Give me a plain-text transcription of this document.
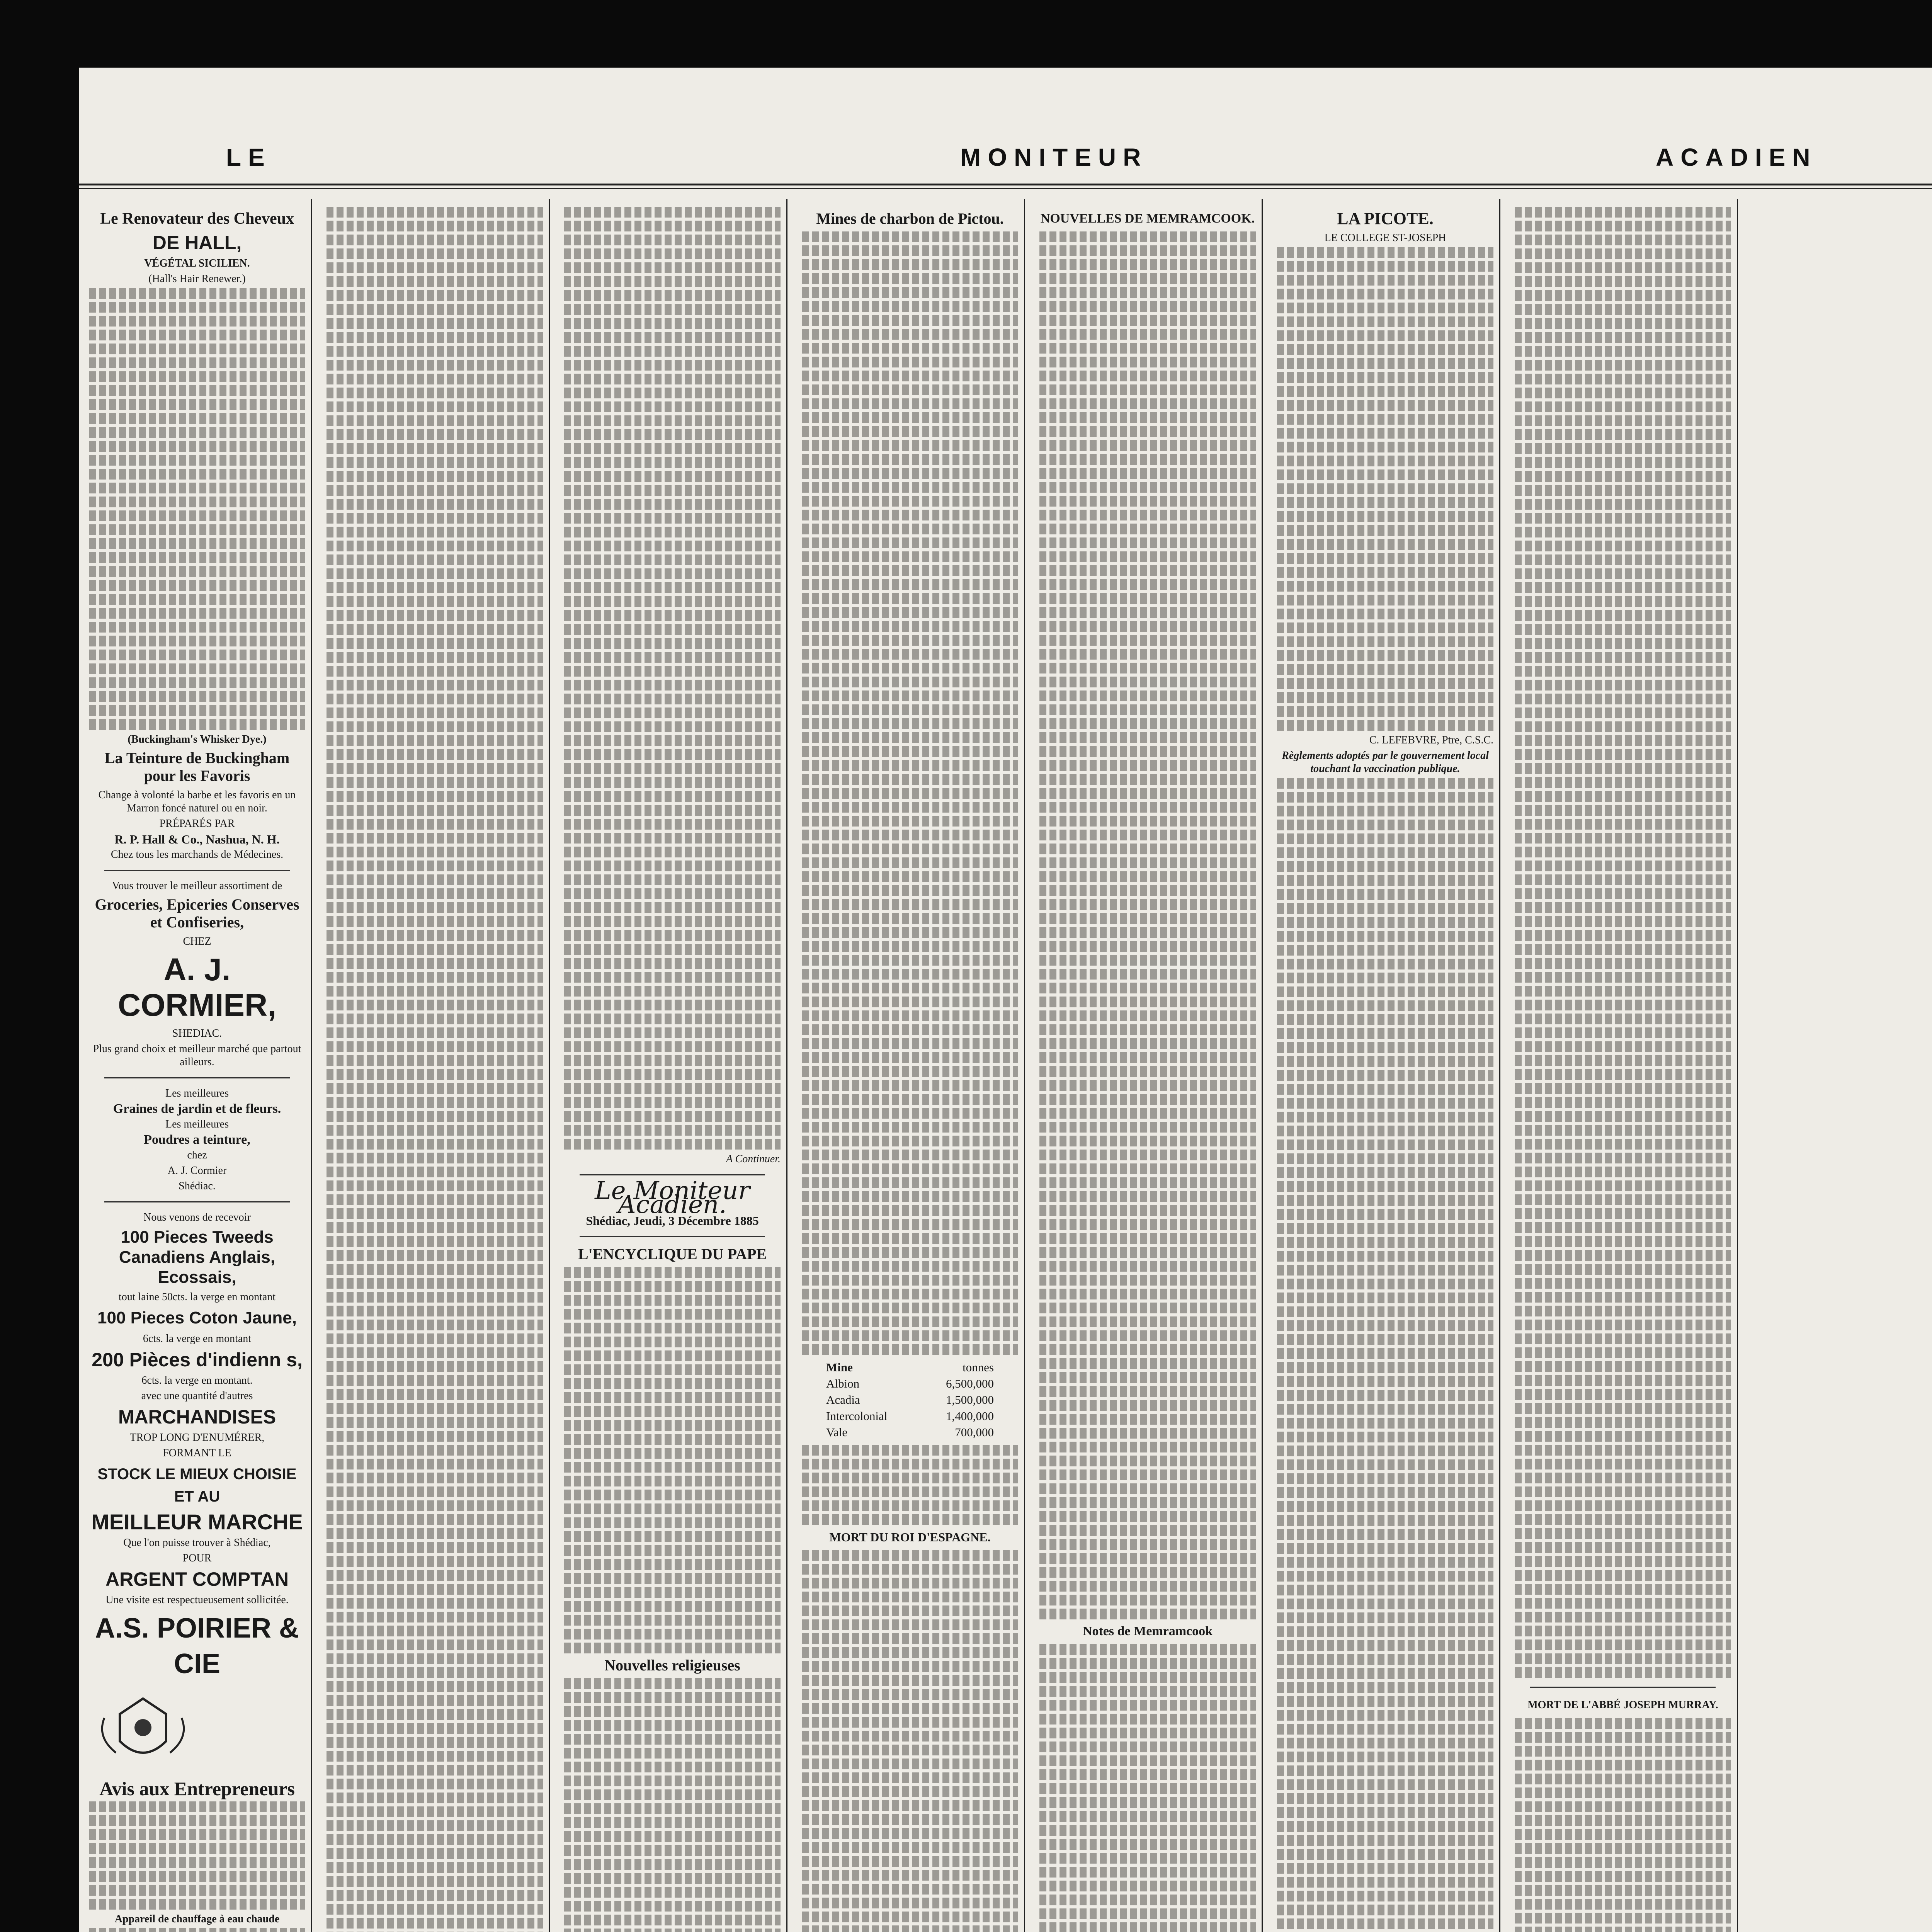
LE	MONITEUR	ACADIEN
Le Renovateur des Cheveux
DE HALL,
VÉGÉTAL SICILIEN.
(Hall's Hair Renewer.)
(Buckingham's Whisker Dye.)
La Teinture de Buckingham pour les Favoris
Change à volonté la barbe et les favoris en un Marron foncé naturel ou en noir.
PRÉPARÉS PAR
R. P. Hall & Co., Nashua, N. H.
Chez tous les marchands de Médecines.
Vous trouver le meilleur assortiment de
Groceries, Epiceries Conserves et Confiseries,
CHEZ
A. J. CORMIER,
SHEDIAC.
Plus grand choix et meilleur marché que partout ailleurs.
Les meilleures
Graines de jardin et de fleurs.
Les meilleures
Poudres a teinture,
chez
A. J. Cormier
Shédiac.
Nous venons de recevoir
100 Pieces Tweeds Canadiens Anglais, Ecossais,
tout laine 50cts. la verge en montant
100 Pieces Coton Jaune,
6cts. la verge en montant
200 Pièces d'indienn s,
6cts. la verge en montant.
avec une quantité d'autres
MARCHANDISES
TROP LONG D'ENUMÉRER,
FORMANT LE
STOCK LE MIEUX CHOISIE ET AU
MEILLEUR MARCHE
Que l'on puisse trouver à Shédiac,
POUR
ARGENT COMPTAN
Une visite est respectueusement sollicitée.
A.S. POIRIER & CIE
Avis aux Entrepreneurs
Appareil de chauffage à eau chaude
A Continuer.
Le Moniteur Acadien.
Shédiac, Jeudi, 3 Décembre 1885
L'ENCYCLIQUE DU PAPE
Nouvelles religieuses
Mines de charbon de Pictou.
Mine	tonnes
Albion	6,500,000
Acadia	1,500,000
Intercolonial	1,400,000
Vale	700,000
MORT DU ROI D'ESPAGNE.
NOUVELLES DE MEMRAMCOOK.
Notes de Memramcook
LA PICOTE.
LE COLLEGE ST-JOSEPH
C. LEFEBVRE, Ptre, C.S.C.
Règlements adoptés par le gouvernement local touchant la vaccination publique.

MORT DE L'ABBÉ JOSEPH MURRAY.
